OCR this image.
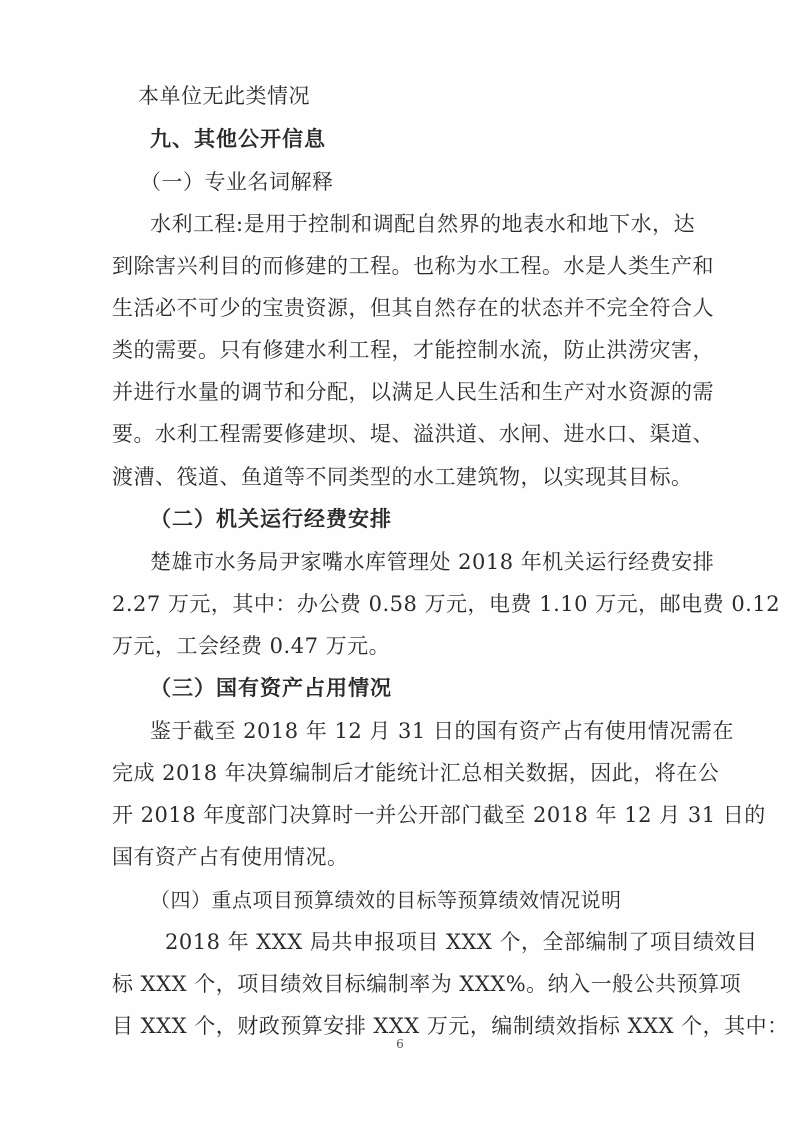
本单位无此类情况
九、其他公开信息
（一）专业名词解释
水利工程:是用于控制和调配自然界的地表水和地下水，达
到除害兴利目的而修建的工程。也称为水工程。水是人类生产和
生活必不可少的宝贵资源，但其自然存在的状态并不完全符合人
类的需要。只有修建水利工程，才能控制水流，防止洪涝灾害，
并进行水量的调节和分配，以满足人民生活和生产对水资源的需
要。水利工程需要修建坝、堤、溢洪道、水闸、进水口、渠道、
渡漕、筏道、鱼道等不同类型的水工建筑物，以实现其目标。
（二）机关运行经费安排
楚雄市水务局尹家嘴水库管理处 2018 年机关运行经费安排
2.27 万元，其中：办公费 0.58 万元，电费 1.10 万元，邮电费 0.12
万元，工会经费 0.47 万元。
（三）国有资产占用情况
鉴于截至 2018 年 12 月 31 日的国有资产占有使用情况需在
完成 2018 年决算编制后才能统计汇总相关数据，因此，将在公
开 2018 年度部门决算时一并公开部门截至 2018 年 12 月 31 日的
国有资产占有使用情况。
（四）重点项目预算绩效的目标等预算绩效情况说明
2018 年 XXX 局共申报项目 XXX 个，全部编制了项目绩效目
标 XXX 个，项目绩效目标编制率为 XXX%。纳入一般公共预算项
目 XXX 个，财政预算安排 XXX 万元，编制绩效指标 XXX 个，其中：
6
